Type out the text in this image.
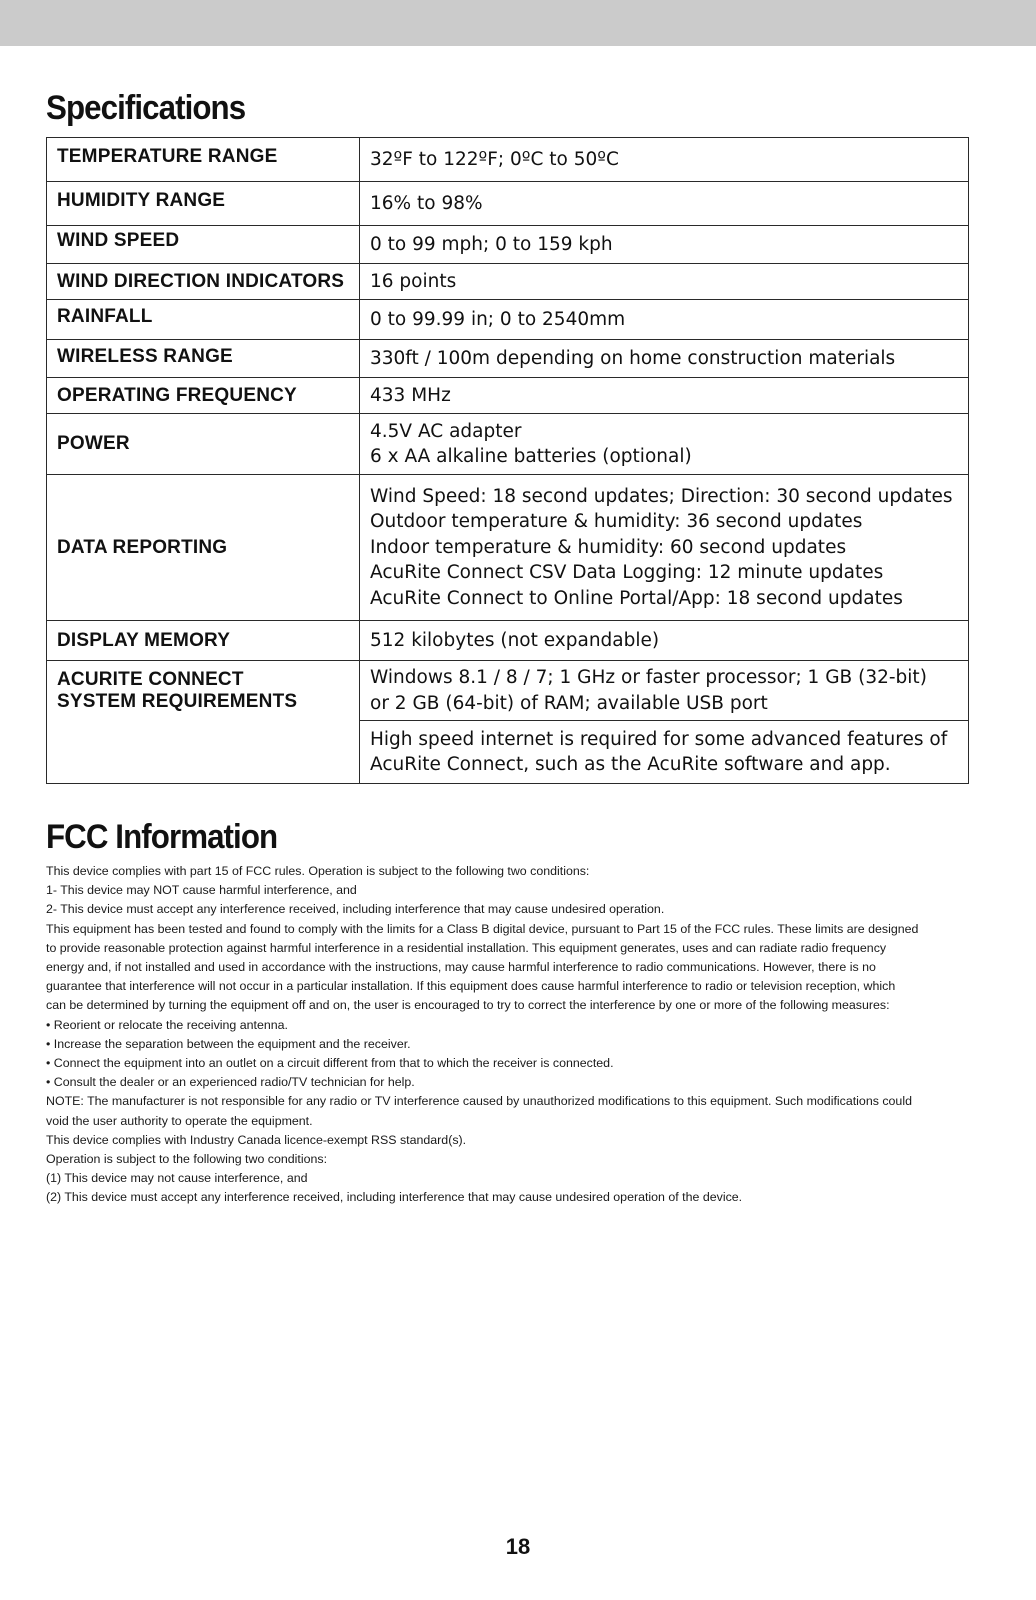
Specifications
TEMPERATURE RANGE	32ºF to 122ºF; 0ºC to 50ºC
HUMIDITY RANGE	16% to 98%
WIND SPEED	0 to 99 mph; 0 to 159 kph
WIND DIRECTION INDICATORS	16 points
RAINFALL	0 to 99.99 in; 0 to 2540mm
WIRELESS RANGE	330ft / 100m depending on home construction materials
OPERATING FREQUENCY	433 MHz
POWER	4.5V AC adapter
6 x AA alkaline batteries (optional)

DATA REPORTING	Wind Speed: 18 second updates; Direction: 30 second updates
Outdoor temperature & humidity: 36 second updates
Indoor temperature & humidity: 60 second updates
AcuRite Connect CSV Data Logging: 12 minute updates
AcuRite Connect to Online Portal/App: 18 second updates

DISPLAY MEMORY	512 kilobytes (not expandable)

ACURITE CONNECT
SYSTEM REQUIREMENTS	Windows 8.1 / 8 / 7; 1 GHz or faster processor; 1 GB (32-bit)
or 2 GB (64-bit) of RAM; available USB port

	High speed internet is required for some advanced features of
AcuRite Connect, such as the AcuRite software and app.
FCC Information

This device complies with part 15 of FCC rules. Operation is subject to the following two conditions:

1- This device may NOT cause harmful interference, and

2- This device must accept any interference received, including interference that may cause undesired operation.

This equipment has been tested and found to comply with the limits for a Class B digital device, pursuant to Part 15 of the FCC rules. These limits are designed

to provide reasonable protection against harmful interference in a residential installation. This equipment generates, uses and can radiate radio frequency

energy and, if not installed and used in accordance with the instructions, may cause harmful interference to radio communications. However, there is no

guarantee that interference will not occur in a particular installation. If this equipment does cause harmful interference to radio or television reception, which

can be determined by turning the equipment off and on, the user is encouraged to try to correct the interference by one or more of the following measures:

• Reorient or relocate the receiving antenna.

• Increase the separation between the equipment and the receiver.

• Connect the equipment into an outlet on a circuit different from that to which the receiver is connected.

• Consult the dealer or an experienced radio/TV technician for help.

NOTE: The manufacturer is not responsible for any radio or TV interference caused by unauthorized modifications to this equipment. Such modifications could

void the user authority to operate the equipment.

This device complies with Industry Canada licence-exempt RSS standard(s).

Operation is subject to the following two conditions:

(1) This device may not cause interference, and

(2) This device must accept any interference received, including interference that may cause undesired operation of the device.

18
